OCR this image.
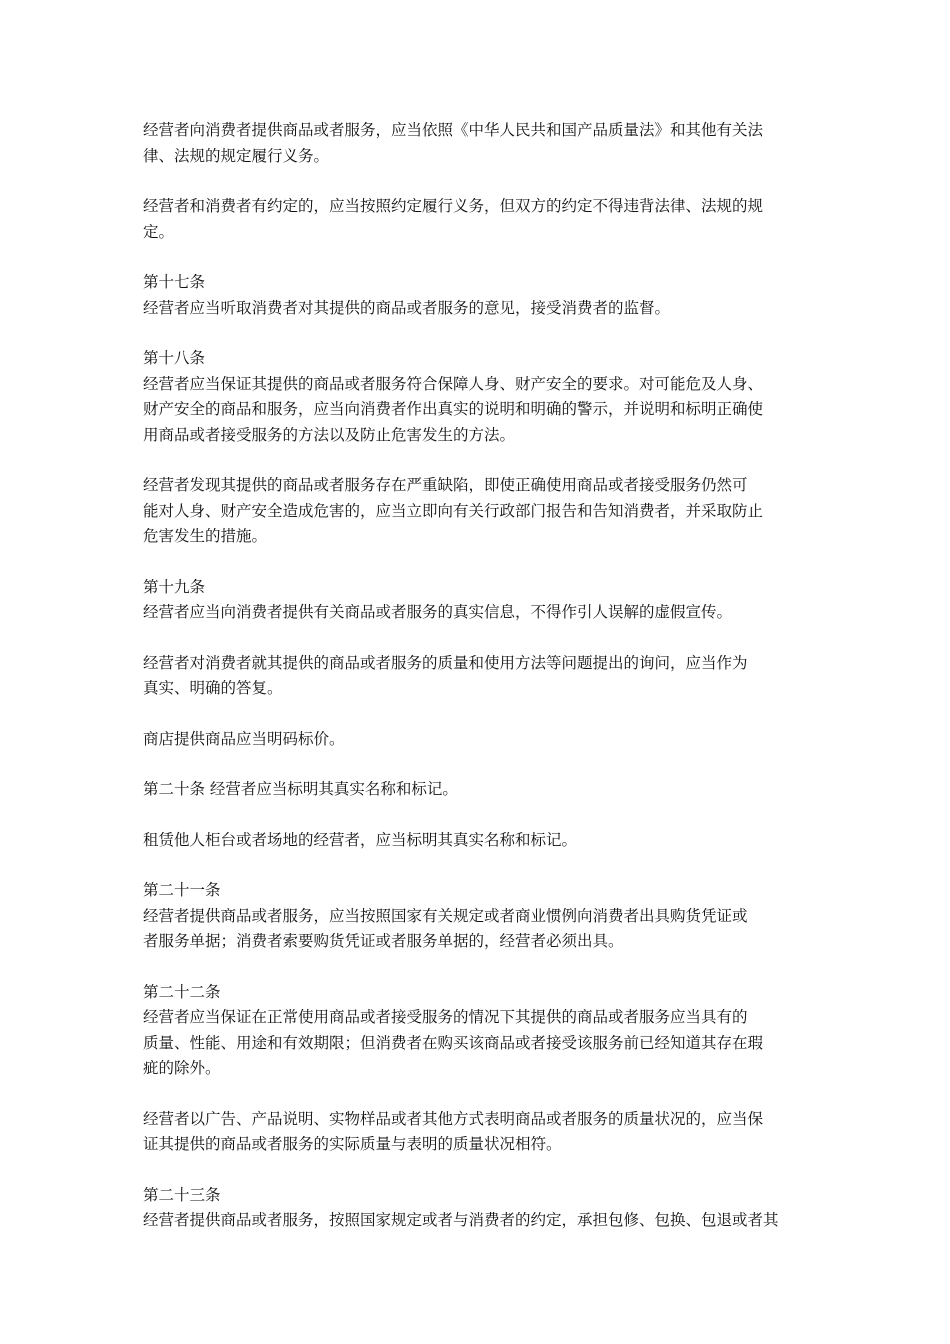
经营者向消费者提供商品或者服务，应当依照《中华人民共和国产品质量法》和其他有关法
律、法规的规定履行义务。

经营者和消费者有约定的，应当按照约定履行义务，但双方的约定不得违背法律、法规的规
定。

第十七条
经营者应当听取消费者对其提供的商品或者服务的意见，接受消费者的监督。

第十八条
经营者应当保证其提供的商品或者服务符合保障人身、财产安全的要求。对可能危及人身、
财产安全的商品和服务，应当向消费者作出真实的说明和明确的警示，并说明和标明正确使
用商品或者接受服务的方法以及防止危害发生的方法。

经营者发现其提供的商品或者服务存在严重缺陷，即使正确使用商品或者接受服务仍然可
能对人身、财产安全造成危害的，应当立即向有关行政部门报告和告知消费者，并采取防止
危害发生的措施。

第十九条
经营者应当向消费者提供有关商品或者服务的真实信息，不得作引人误解的虚假宣传。

经营者对消费者就其提供的商品或者服务的质量和使用方法等问题提出的询问，应当作为
真实、明确的答复。

商店提供商品应当明码标价。

第二十条 经营者应当标明其真实名称和标记。

租赁他人柜台或者场地的经营者，应当标明其真实名称和标记。

第二十一条
经营者提供商品或者服务，应当按照国家有关规定或者商业惯例向消费者出具购货凭证或
者服务单据；消费者索要购货凭证或者服务单据的，经营者必须出具。

第二十二条
经营者应当保证在正常使用商品或者接受服务的情况下其提供的商品或者服务应当具有的
质量、性能、用途和有效期限；但消费者在购买该商品或者接受该服务前已经知道其存在瑕
疵的除外。

经营者以广告、产品说明、实物样品或者其他方式表明商品或者服务的质量状况的，应当保
证其提供的商品或者服务的实际质量与表明的质量状况相符。

第二十三条
经营者提供商品或者服务，按照国家规定或者与消费者的约定，承担包修、包换、包退或者其
